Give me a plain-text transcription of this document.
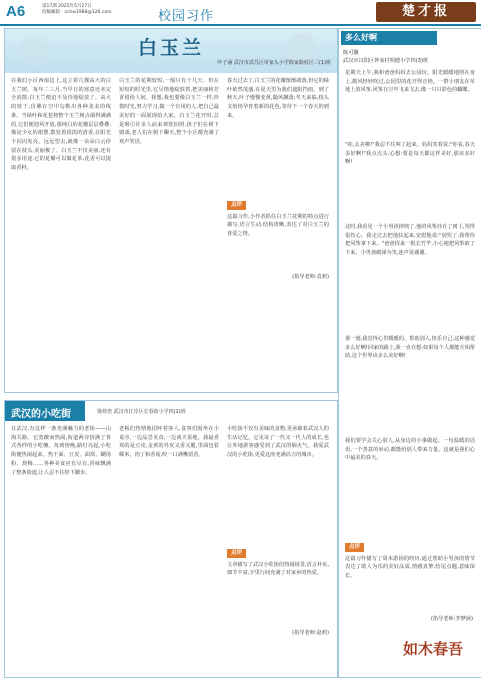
A6	第17期 2025年5月27日
投稿邮箱：zchw1988@126.com	校园习作	楚才报
白玉兰
叶子涵 武汉市武昌区审家头小学陈家路校区三(1)班

在我们小区西南边上,这立着几棵高大的白玉兰树。每年二三月,当早日的寒意还未完全消散,白玉兰便迫不及待地绽放了。高大的枝干,仿佛在空中勾勒出各种柔美的线条。当绿叶和花苞将整个玉兰树点缀得满满的,它们便迎风开放,那纯白的花瓣层层叠叠,像是少女的裙摆,散发着淡淡的清香,在阳光下闪闪发亮。远远望去,就像一朵朵白云停留在枝头,美丽极了。白玉兰不仅美丽,还有很多用途,它的花瓣可以做花茶,花香可以提取香料。

白玉兰的花期较短,一般只有十几天。但在短短的时光里,它尽情地绽放着,把美丽和芳香留给人间。我想,我也要像白玉兰一样,珍惜时光,努力学习,做一个有用的人,把自己最美好的一面展现给大家。白玉兰花开时,总是吸引许多人前来观赏拍照,孩子们在树下嬉戏,老人们在树下聊天,整个小区都充满了欢声笑语。

春天过去了,白玉兰的花瓣渐渐凋落,但它的绿叶依然茂盛,在夏天里为我们遮阳挡雨。到了秋天,叶子慢慢变黄,随风飘落;冬天来临,枝头又悄悄孕育着新的花苞,等待下一个春天的到来。

点评

这篇习作,小作者抓住白玉兰花期的特点进行描写,语言生动,结构清晰,表达了对白玉兰的喜爱之情。

(指导老师:袁莉)
武汉的小吃街	梁倬尧 武汉市江岸区长春街小学四(1)班

在武汉,有这样一条充满魅力的老街——山海关路。它宽敞而热闹,街道两旁挤满了各式各样的小吃摊。每到傍晚,路灯亮起,小吃街便热闹起来。热干面、豆皮、面窝、糊汤粉、烧梅……各种美食应有尽有,香味飘满了整条街道,让人忍不住停下脚步。

老板们热情地招呼着客人,食客们围坐在小桌旁,一边品尝美食,一边谈天说地。我最喜欢的是豆皮,金黄的外皮又香又脆,里面包着糯米、肉丁和香菇,咬一口满嘴留香。

小吃街不仅有美味的食物,更承载着武汉人的生活记忆。它见证了一代又一代人的成长,也让外地游客感受到了武汉的烟火气。我爱武汉的小吃街,更爱这座充满活力的城市。

点评

文章描写了武汉小吃街的热闹场景,语言朴实,细节丰富,字里行间充满了对家乡的热爱。

(指导老师:赵莉)
多么好啊
陈可馨
武汉市汉阳区钟家村明德小学四(3)班

星期天上午,我和爸爸妈妈去公园玩。阳光暖暖地照在身上,微风轻轻吹过,公园里的花开得正艳。一群小朋友在草地上放风筝,风筝在空中飞来飞去,像一只只彩色的蝴蝶。

"哇,太美啦!"我忍不住叫了起来。妈妈笑着说:"你看,春天多好啊!"我点点头,心想:要是每天都这样美好,那该多好啊!

这时,我看见一个小男孩摔倒了,他的风筝挂在了树上,哭得很伤心。我走过去把他扶起来,安慰他说:"别哭了,我帮你把风筝拿下来。"爸爸找来一根长竹竿,小心地把风筝取了下来。小男孩破涕为笑,连声说谢谢。

那一刻,我觉得心里暖暖的。帮助别人,快乐自己,这种感觉多么好啊!回家的路上,我一直在想:如果每个人都能互相帮助,这个世界该多么美好啊!

我们要学会关心别人,从身边的小事做起。一句温暖的话语,一个善意的举动,都能给别人带来力量。这就是我们心中最美的春天。

点评

这篇习作描写了周末游园的经历,通过帮助小男孩的情节表达了助人为乐的美好品质,情感真挚,结尾点题,意味深长。

(指导老师:李梦涵)
如木春吾
